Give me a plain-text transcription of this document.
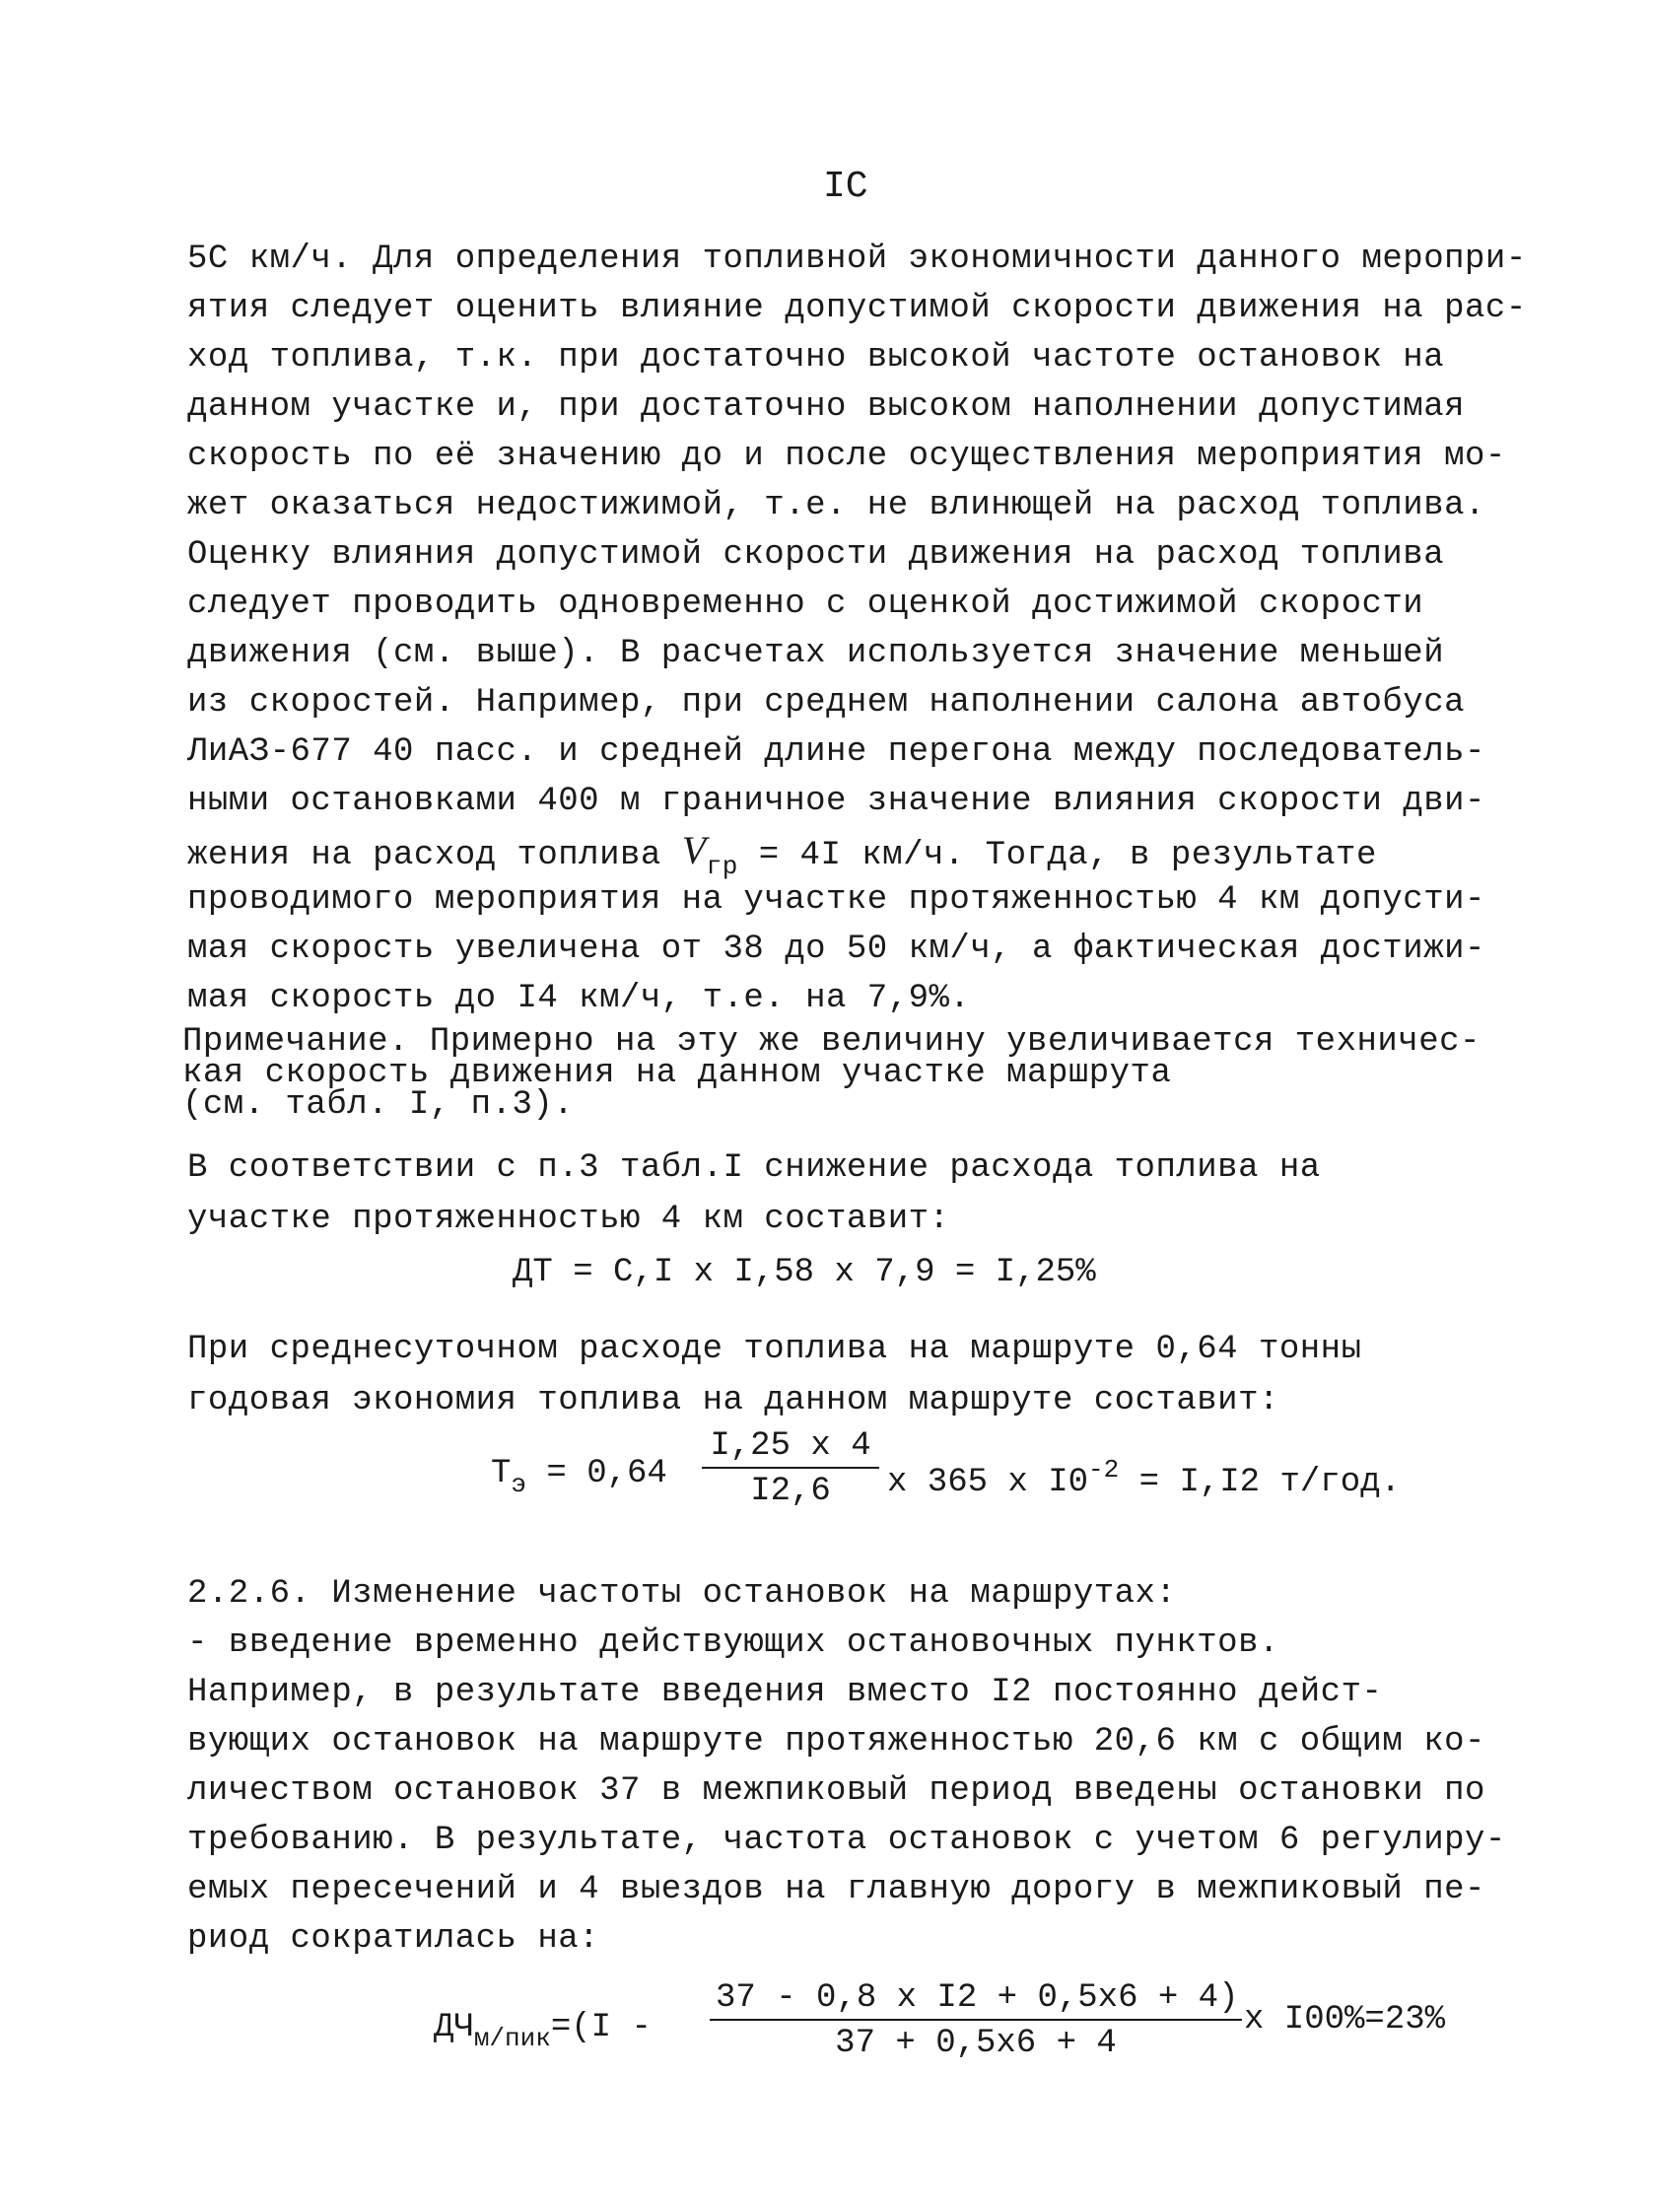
IC
5С км/ч. Для определения топливной экономичности данного меропри-
ятия следует оценить влияние допустимой скорости движения на рас-
ход топлива, т.к. при достаточно высокой частоте остановок на
данном участке и, при достаточно высоком наполнении допустимая
скорость по её значению до и после осуществления мероприятия мо-
жет оказаться недостижимой, т.е. не влинющей на расход топлива.
Оценку влияния допустимой скорости движения на расход топлива
следует проводить одновременно с оценкой достижимой скорости
движения (см. выше). В расчетах используется значение меньшей
из скоростей. Например, при среднем наполнении салона автобуса
ЛиАЗ-677 40 пасс. и средней длине перегона между последователь-
ными остановками 400 м граничное значение влияния скорости дви-
жения на расход топлива $V_{гр} = 4I$ км/ч. Тогда, в результате
проводимого мероприятия на участке протяженностью 4 км допусти-
мая скорость увеличена от 38 до 50 км/ч, а фактическая достижи-
мая скорость до I4 км/ч, т.е. на 7,9%.
Примечание. Примерно на эту же величину увеличивается техничес-
кая скорость движения на данном участке маршрута
(см. табл. I, п.3).
В соответствии с п.3 табл.I снижение расхода топлива на
участке протяженностью 4 км составит:
ДТ = С,I x I,58 x 7,9 = I,25%
При среднесуточном расходе топлива на маршруте 0,64 тонны
годовая экономия топлива на данном маршруте составит:
$Т_э = 0,64 \frac{I,25 x 4}{I2,6}$ x 365 x $I0^{-2} = I,I2$ т/год.
2.2.6. Изменение частоты остановок на маршрутах:
- введение временно действующих остановочных пунктов.
Например, в результате введения вместо I2 постоянно дейст-
вующих остановок на маршруте протяженностью 20,6 км с общим ко-
личеством остановок 37 в межпиковый период введены остановки по
требованию. В результате, частота остановок с учетом 6 регулиру-
емых пересечений и 4 выездов на главную дорогу в межпиковый пе-
риод сократилась на:
$ДЧ_{м/пик}=(I - \frac{\text{37 - 0,8 x I2 + 0,5x6 + 4)}}{37 + 0,5x6 + 4}$ x I00%=23%
